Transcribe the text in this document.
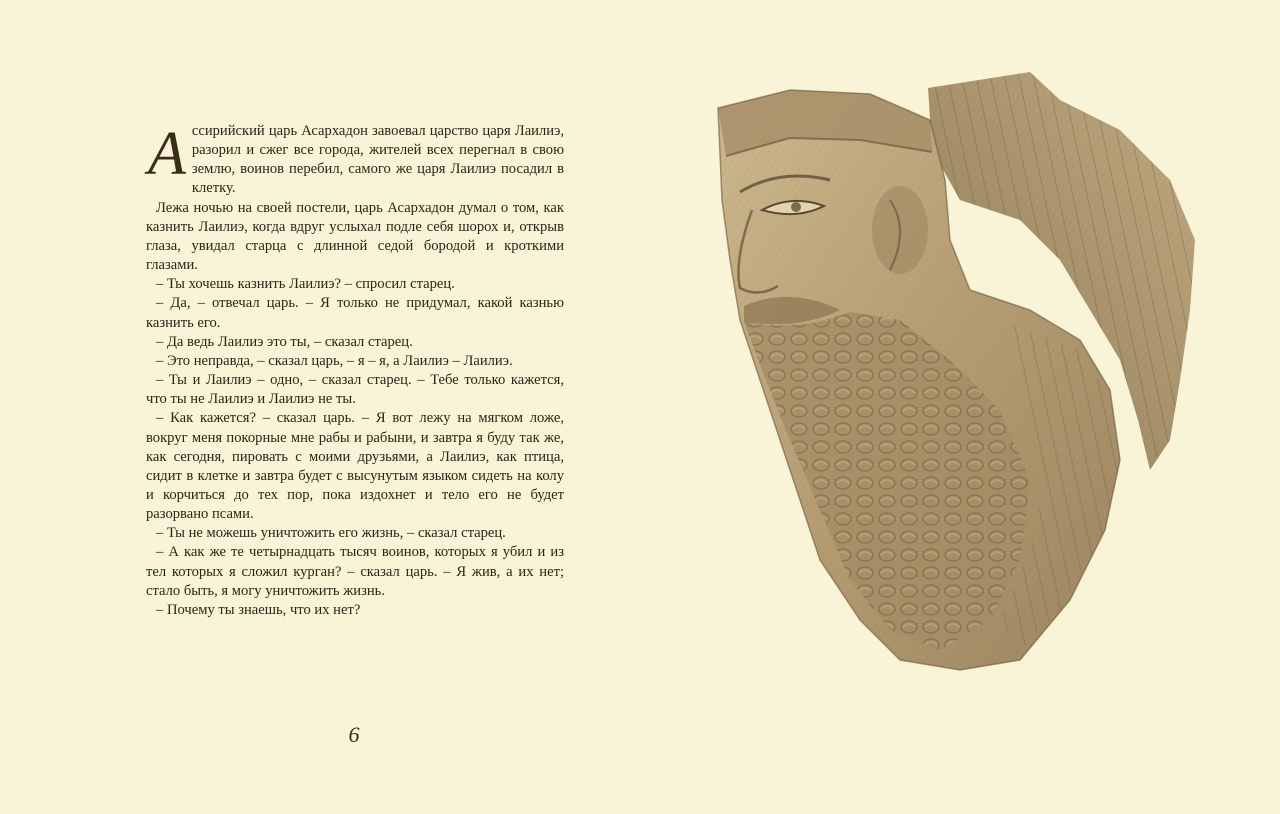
А ссирийский царь Асархадон завоевал царство царя Лаилиэ, разорил и сжег все города, жителей всех перегнал в свою землю, воинов перебил, самого же царя Лаилиэ посадил в клетку.

Лежа ночью на своей постели, царь Асархадон думал о том, как казнить Лаилиэ, когда вдруг услыхал подле себя шорох и, открыв глаза, увидал старца с длинной седой бородой и кроткими глазами.

– Ты хочешь казнить Лаилиэ? – спросил старец.

– Да, – отвечал царь. – Я только не придумал, какой казнью казнить его.

– Да ведь Лаилиэ это ты, – сказал старец.

– Это неправда, – сказал царь, – я – я, а Лаилиэ – Лаилиэ.

– Ты и Лаилиэ – одно, – сказал старец. – Тебе только кажется, что ты не Лаилиэ и Лаилиэ не ты.

– Как кажется? – сказал царь. – Я вот лежу на мягком ложе, вокруг меня покорные мне рабы и рабыни, и завтра я буду так же, как сегодня, пировать с моими друзьями, а Лаилиэ, как птица, сидит в клетке и завтра будет с высунутым языком сидеть на колу и корчиться до тех пор, пока издохнет и тело его не будет разорвано псами.

– Ты не можешь уничтожить его жизнь, – сказал старец.

– А как же те четырнадцать тысяч воинов, которых я убил и из тел которых я сложил курган? – сказал царь. – Я жив, а их нет; стало быть, я могу уничтожить жизнь.

– Почему ты знаешь, что их нет?

6
